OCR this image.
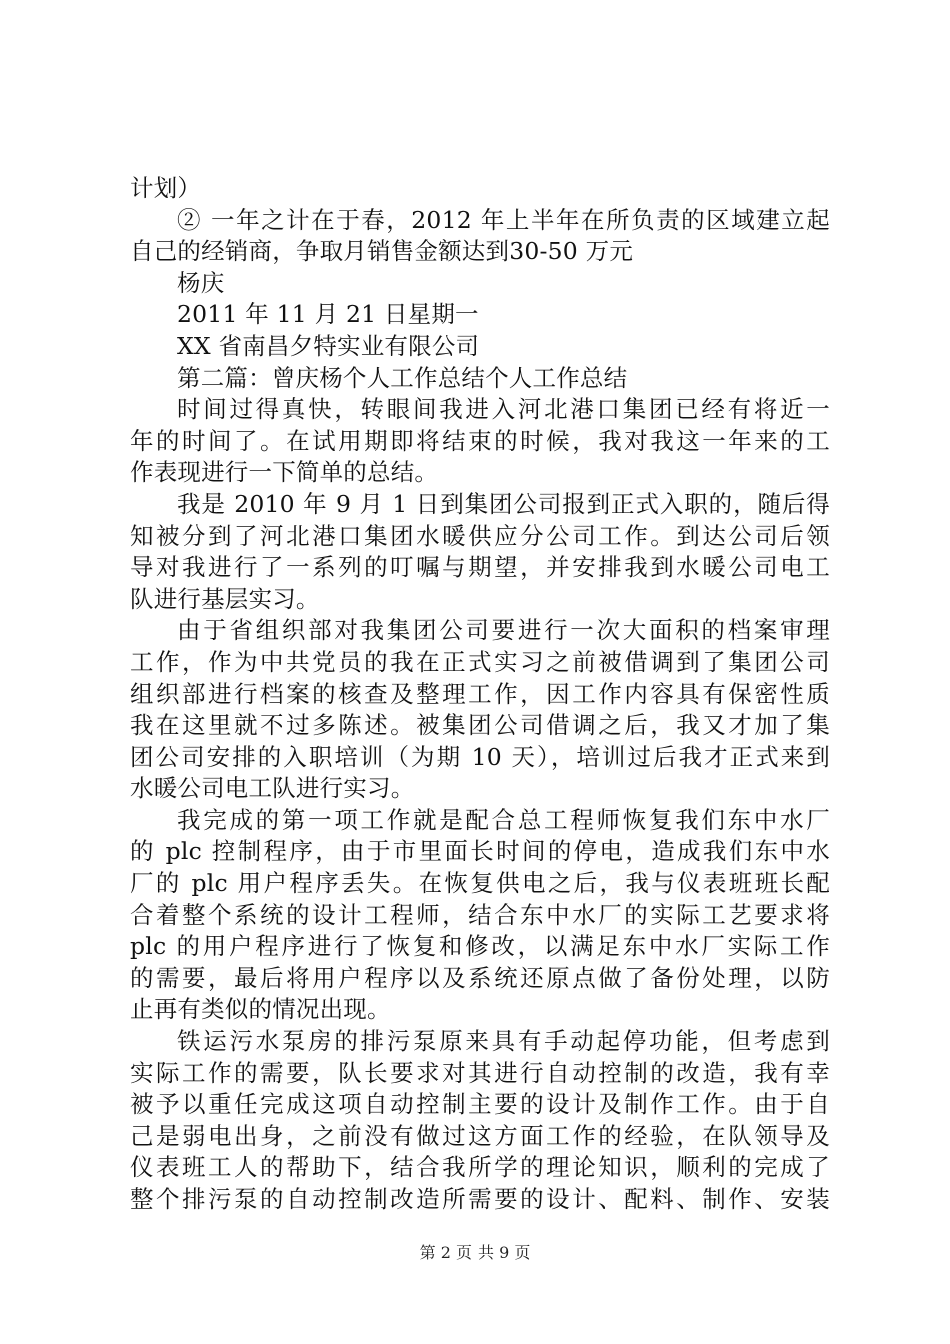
计划）
② 一年之计在于春，2012 年上半年在所负责的区域建立起
自己的经销商，争取月销售金额达到30-50 万元
杨庆
2011 年 11 月 21 日星期一
XX 省南昌夕特实业有限公司
第二篇：曾庆杨个人工作总结个人工作总结
时间过得真快，转眼间我进入河北港口集团已经有将近一
年的时间了。在试用期即将结束的时候，我对我这一年来的工
作表现进行一下简单的总结。
我是 2010 年 9 月 1 日到集团公司报到正式入职的，随后得
知被分到了河北港口集团水暖供应分公司工作。到达公司后领
导对我进行了一系列的叮嘱与期望，并安排我到水暖公司电工
队进行基层实习。
由于省组织部对我集团公司要进行一次大面积的档案审理
工作，作为中共党员的我在正式实习之前被借调到了集团公司
组织部进行档案的核查及整理工作，因工作内容具有保密性质
我在这里就不过多陈述。被集团公司借调之后，我又才加了集
团公司安排的入职培训（为期 10 天），培训过后我才正式来到
水暖公司电工队进行实习。
我完成的第一项工作就是配合总工程师恢复我们东中水厂
的 plc 控制程序，由于市里面长时间的停电，造成我们东中水
厂的 plc 用户程序丢失。在恢复供电之后，我与仪表班班长配
合着整个系统的设计工程师，结合东中水厂的实际工艺要求将
plc 的用户程序进行了恢复和修改，以满足东中水厂实际工作
的需要，最后将用户程序以及系统还原点做了备份处理，以防
止再有类似的情况出现。
铁运污水泵房的排污泵原来具有手动起停功能，但考虑到
实际工作的需要，队长要求对其进行自动控制的改造，我有幸
被予以重任完成这项自动控制主要的设计及制作工作。由于自
己是弱电出身，之前没有做过这方面工作的经验，在队领导及
仪表班工人的帮助下，结合我所学的理论知识，顺利的完成了
整个排污泵的自动控制改造所需要的设计、配料、制作、安装
第 2 页 共 9 页
